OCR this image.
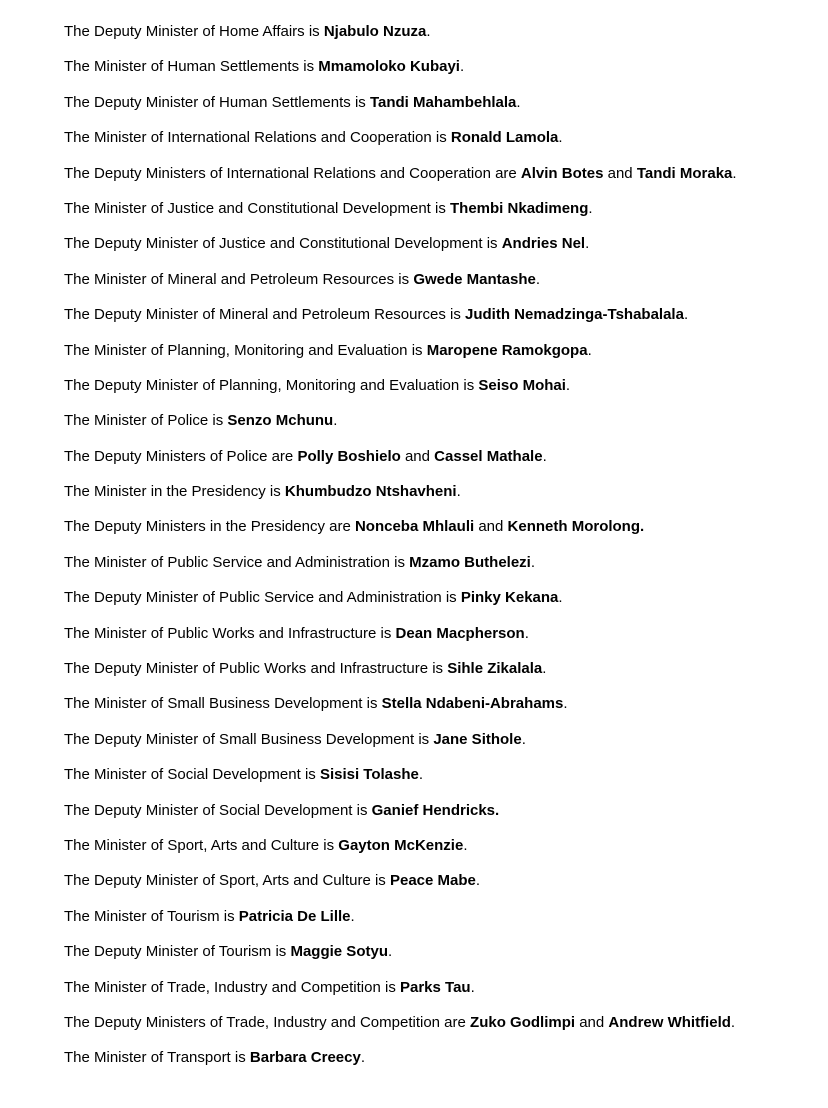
The Deputy Minister of Home Affairs is Njabulo Nzuza.
The Minister of Human Settlements is Mmamoloko Kubayi.
The Deputy Minister of Human Settlements is Tandi Mahambehlala.
The Minister of International Relations and Cooperation is Ronald Lamola.
The Deputy Ministers of International Relations and Cooperation are Alvin Botes and Tandi Moraka.
The Minister of Justice and Constitutional Development is Thembi Nkadimeng.
The Deputy Minister of Justice and Constitutional Development is Andries Nel.
The Minister of Mineral and Petroleum Resources is Gwede Mantashe.
The Deputy Minister of Mineral and Petroleum Resources is Judith Nemadzinga-Tshabalala.
The Minister of Planning, Monitoring and Evaluation is Maropene Ramokgopa.
The Deputy Minister of Planning, Monitoring and Evaluation is Seiso Mohai.
The Minister of Police is Senzo Mchunu.
The Deputy Ministers of Police are Polly Boshielo and Cassel Mathale.
The Minister in the Presidency is Khumbudzo Ntshavheni.
The Deputy Ministers in the Presidency are Nonceba Mhlauli and Kenneth Morolong.
The Minister of Public Service and Administration is Mzamo Buthelezi.
The Deputy Minister of Public Service and Administration is Pinky Kekana.
The Minister of Public Works and Infrastructure is Dean Macpherson.
The Deputy Minister of Public Works and Infrastructure is Sihle Zikalala.
The Minister of Small Business Development is Stella Ndabeni-Abrahams.
The Deputy Minister of Small Business Development is Jane Sithole.
The Minister of Social Development is Sisisi Tolashe.
The Deputy Minister of Social Development is Ganief Hendricks.
The Minister of Sport, Arts and Culture is Gayton McKenzie.
The Deputy Minister of Sport, Arts and Culture is Peace Mabe.
The Minister of Tourism is Patricia De Lille.
The Deputy Minister of Tourism is Maggie Sotyu.
The Minister of Trade, Industry and Competition is Parks Tau.
The Deputy Ministers of Trade, Industry and Competition are Zuko Godlimpi and Andrew Whitfield.
The Minister of Transport is Barbara Creecy.
